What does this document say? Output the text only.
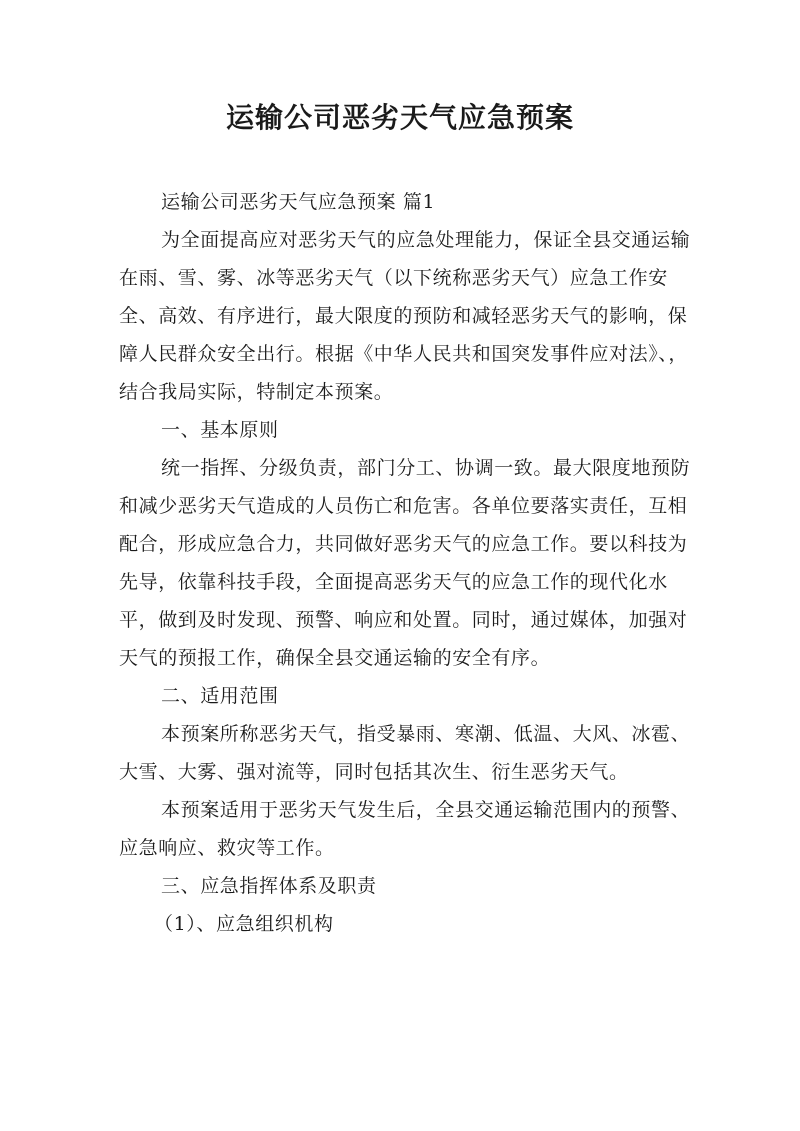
运输公司恶劣天气应急预案

运输公司恶劣天气应急预案 篇1

为全面提高应对恶劣天气的应急处理能力，保证全县交通运输在雨、雪、雾、冰等恶劣天气（以下统称恶劣天气）应急工作安全、高效、有序进行，最大限度的预防和减轻恶劣天气的影响，保障人民群众安全出行。根据《中华人民共和国突发事件应对法》、，结合我局实际，特制定本预案。

一、基本原则

统一指挥、分级负责，部门分工、协调一致。最大限度地预防和减少恶劣天气造成的人员伤亡和危害。各单位要落实责任，互相配合，形成应急合力，共同做好恶劣天气的应急工作。要以科技为先导，依靠科技手段，全面提高恶劣天气的应急工作的现代化水平，做到及时发现、预警、响应和处置。同时，通过媒体，加强对天气的预报工作，确保全县交通运输的安全有序。

二、适用范围

本预案所称恶劣天气，指受暴雨、寒潮、低温、大风、冰雹、大雪、大雾、强对流等，同时包括其次生、衍生恶劣天气。

本预案适用于恶劣天气发生后，全县交通运输范围内的预警、应急响应、救灾等工作。

三、应急指挥体系及职责

（1）、应急组织机构
